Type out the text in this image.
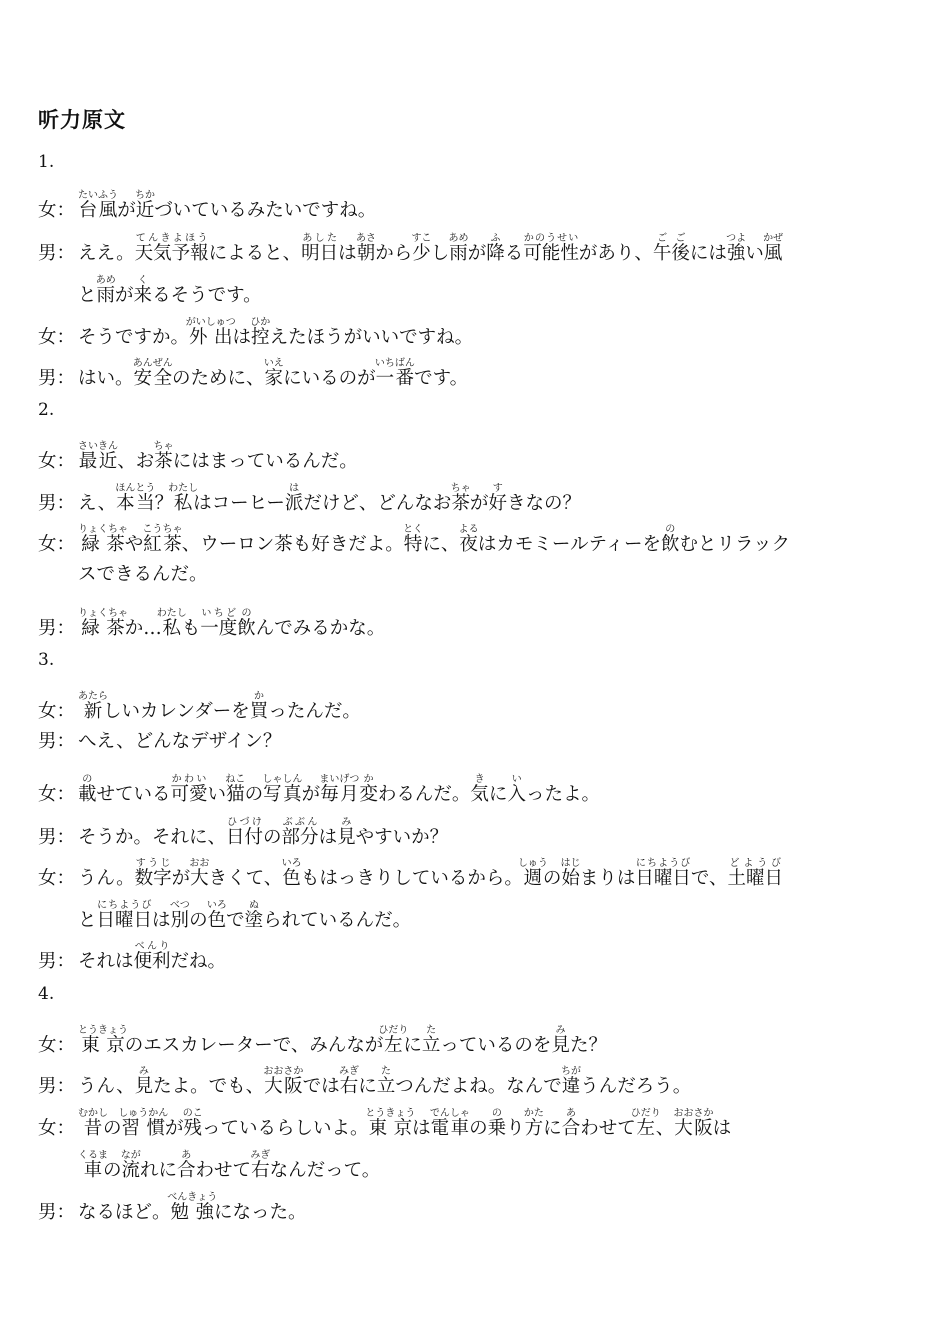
听力原文
1.
女： 台風たいふうが近ちかづいているみたいですね。
男： ええ。天気予報てんきよほうによると、明日あしたは朝あさから少すこし雨あめが降ふる可能性かのうせいがあり、午後ごごには強つよい風かぜ
と雨あめが来くるそうです。
女： そうですか。外出がいしゅつは控ひかえたほうがいいですね。
男： はい。安全あんぜんのために、家いえにいるのが一番いちばんです。
2.
女： 最近さいきん、お茶ちゃにはまっているんだ。
男： え、本当ほんとう？私わたしはコーヒー派はだけど、どんなお茶ちゃが好すきなの？
女： 緑茶りょくちゃや紅茶こうちゃ、ウーロン茶も好きだよ。特とくに、夜よるはカモミールティーを飲のむとリラック
スできるんだ。
男： 緑茶りょくちゃか…私わたしも一度いちど飲のんでみるかな。
3.
女： 新あたらしいカレンダーを買かったんだ。
男： へえ、どんなデザイン？
女： 載のせている可愛かわいい猫ねこの写真しゃしんが毎月まいげつ変かわるんだ。気きに入いったよ。
男： そうか。それに、日付ひづけの部分ぶぶんは見みやすいか？
女： うん。数字すうじが大おおきくて、色いろもはっきりしているから。週しゅうの始はじまりは日曜日にちようびで、土曜日どようび
と日曜日にちようびは別べつの色いろで塗ぬられているんだ。
男： それは便利べんりだね。
4.
女： 東京とうきょうのエスカレーターで、みんなが左ひだりに立たっているのを見みた？
男： うん、見みたよ。でも、大阪おおさかでは右みぎに立たつんだよね。なんで違ちがうんだろう。
女： 昔むかしの習慣しゅうかんが残のこっているらしいよ。東京とうきょうは電車でんしゃの乗のり方かたに合あわせて左ひだり、大阪おおさかは
車くるまの流ながれに合あわせて右みぎなんだって。
男： なるほど。勉強べんきょうになった。
